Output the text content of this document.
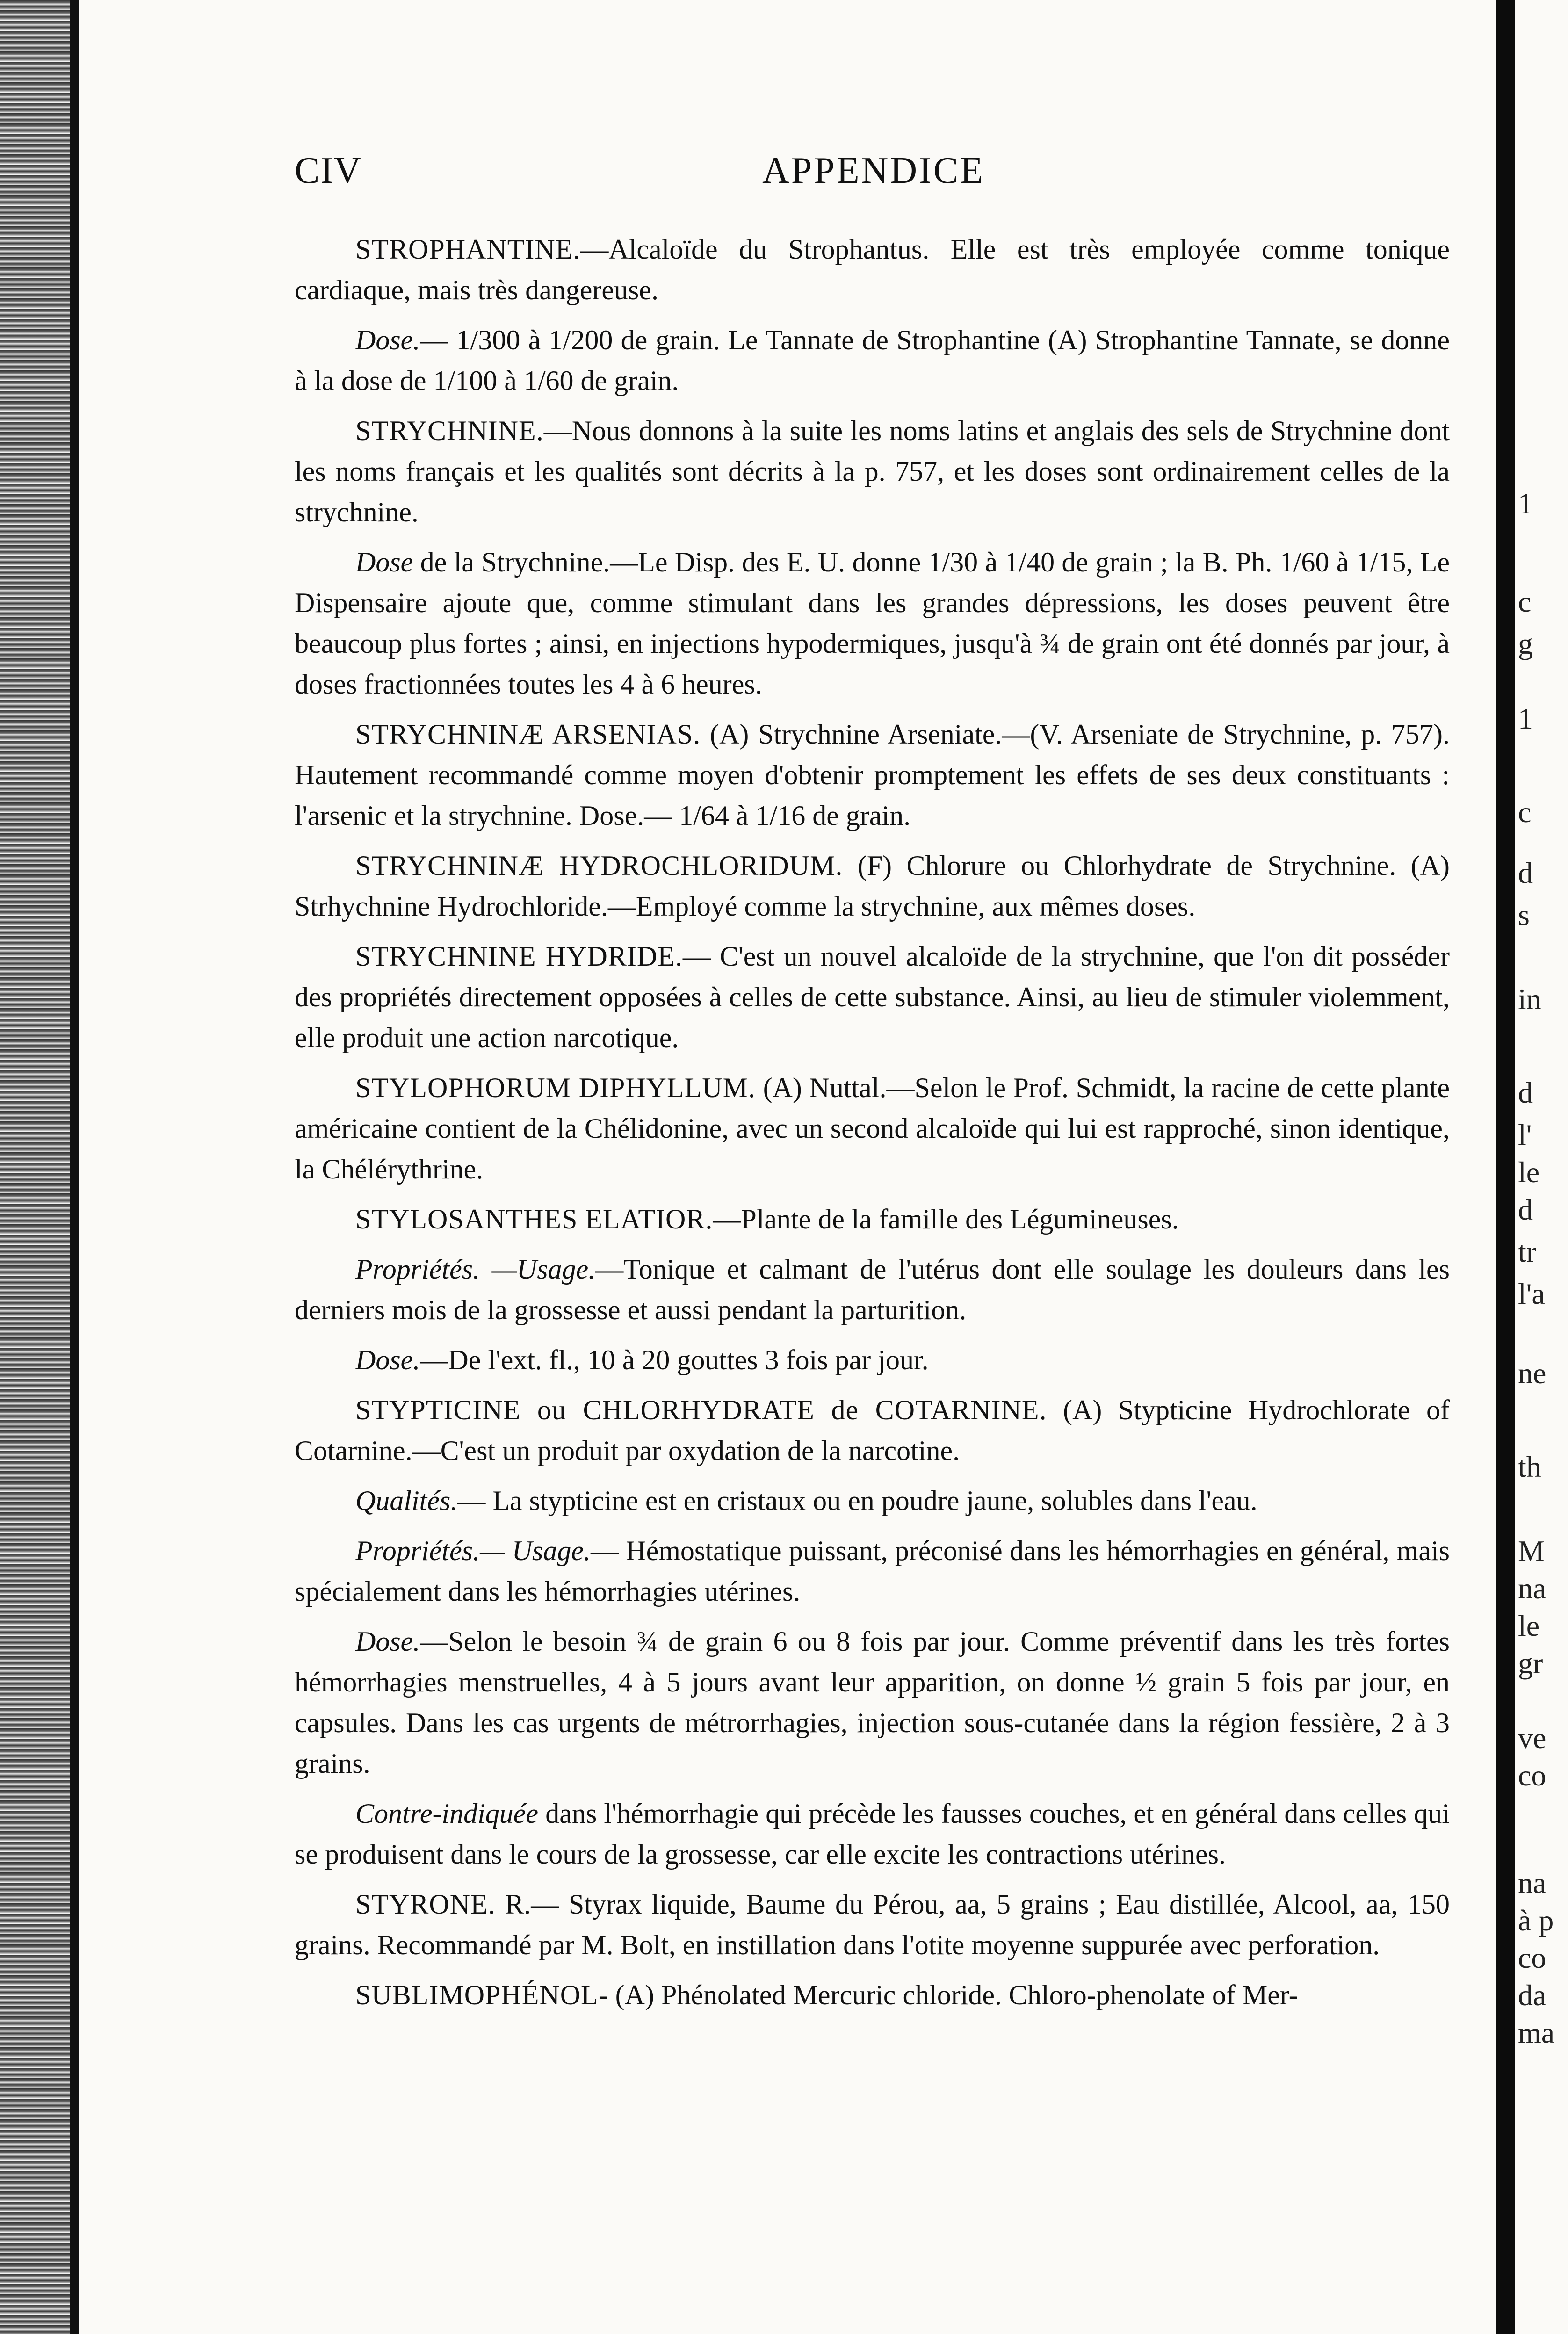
CIV	APPENDICE

STROPHANTINE.—Alcaloïde du Strophantus. Elle est très employée comme tonique cardiaque, mais très dangereuse.

Dose.— 1/300 à 1/200 de grain. Le Tannate de Strophantine (A) Strophantine Tannate, se donne à la dose de 1/100 à 1/60 de grain.

STRYCHNINE.—Nous donnons à la suite les noms latins et anglais des sels de Strychnine dont les noms français et les qualités sont décrits à la p. 757, et les doses sont ordinairement celles de la strychnine.

Dose de la Strychnine.—Le Disp. des E. U. donne 1/30 à 1/40 de grain ; la B. Ph. 1/60 à 1/15, Le Dispensaire ajoute que, comme stimulant dans les grandes dépressions, les doses peuvent être beaucoup plus fortes ; ainsi, en injections hypodermiques, jusqu'à ¾ de grain ont été donnés par jour, à doses fractionnées toutes les 4 à 6 heures.

STRYCHNINÆ ARSENIAS. (A) Strychnine Arseniate.—(V. Arseniate de Strychnine, p. 757). Hautement recommandé comme moyen d'obtenir promptement les effets de ses deux constituants : l'arsenic et la strychnine. Dose.— 1/64 à 1/16 de grain.

STRYCHNINÆ HYDROCHLORIDUM. (F) Chlorure ou Chlorhydrate de Strychnine. (A) Strhychnine Hydrochloride.—Employé comme la strychnine, aux mêmes doses.

STRYCHNINE HYDRIDE.— C'est un nouvel alcaloïde de la strychnine, que l'on dit posséder des propriétés directement opposées à celles de cette substance. Ainsi, au lieu de stimuler violemment, elle produit une action narcotique.

STYLOPHORUM DIPHYLLUM. (A) Nuttal.—Selon le Prof. Schmidt, la racine de cette plante américaine contient de la Chélidonine, avec un second alcaloïde qui lui est rapproché, sinon identique, la Chélérythrine.

STYLOSANTHES ELATIOR.—Plante de la famille des Légumineuses.

Propriétés. —Usage.—Tonique et calmant de l'utérus dont elle soulage les douleurs dans les derniers mois de la grossesse et aussi pendant la parturition.

Dose.—De l'ext. fl., 10 à 20 gouttes 3 fois par jour.

STYPTICINE ou CHLORHYDRATE de COTARNINE. (A) Stypticine Hydrochlorate of Cotarnine.—C'est un produit par oxydation de la narcotine.

Qualités.— La stypticine est en cristaux ou en poudre jaune, solubles dans l'eau.

Propriétés.— Usage.— Hémostatique puissant, préconisé dans les hémorrhagies en général, mais spécialement dans les hémorrhagies utérines.

Dose.—Selon le besoin ¾ de grain 6 ou 8 fois par jour. Comme préventif dans les très fortes hémorrhagies menstruelles, 4 à 5 jours avant leur apparition, on donne ½ grain 5 fois par jour, en capsules. Dans les cas urgents de métrorrhagies, injection sous-cutanée dans la région fessière, 2 à 3 grains.

Contre-indiquée dans l'hémorrhagie qui précède les fausses couches, et en général dans celles qui se produisent dans le cours de la grossesse, car elle excite les contractions utérines.

STYRONE. R.— Styrax liquide, Baume du Pérou, aa, 5 grains ; Eau distillée, Alcool, aa, 150 grains. Recommandé par M. Bolt, en instillation dans l'otite moyenne suppurée avec perforation.

SUBLIMOPHÉNOL- (A) Phénolated Mercuric chloride. Chloro-phenolate of Mer-

1
c
g
1
c
d
s
in
d
l'
le
d
tr
l'a
ne
th
M
na
le
gr
ve
co
na
à p
co
da
ma
